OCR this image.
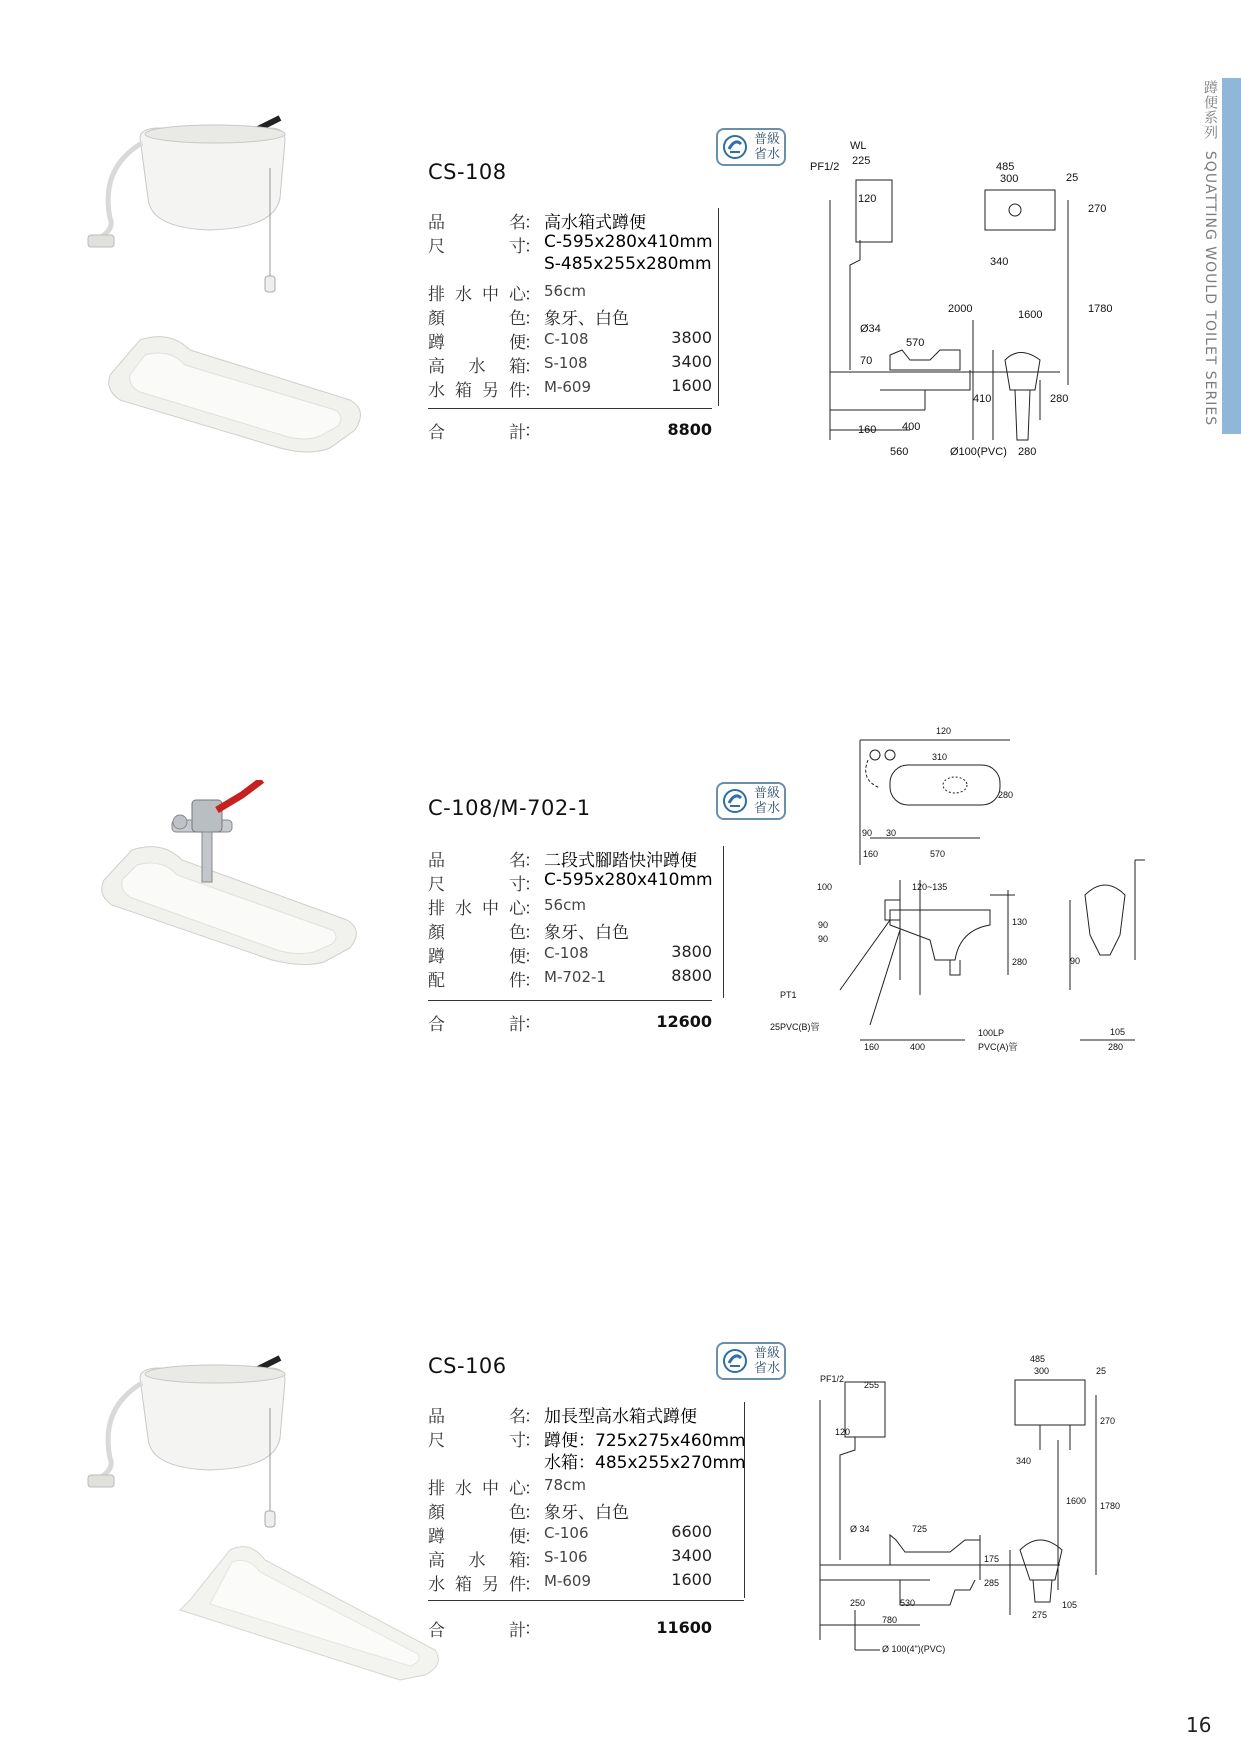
蹲便系列  SQUATTING WOULD TOILET SERIES
16
CS-108
普級
省水
品	名
： 高水箱式蹲便
尺	寸
： C-595x280x410mm
S-485x255x280mm
排 水 中 心
： 56cm
顏	色
： 象牙、白色
蹲	便
： C-108	3800
高 水 箱
： S-108	3400
水 箱 另 件
： M-609	1600
合	計
：	8800
WL
PF1/2 225
120
485
300	25
270
340
2000	1600	1780
Ø34
570
70
410	280
160 400
560	Ø100(PVC) 280
C-108/M-702-1
普級
省水
品	名
： 二段式腳踏快沖蹲便
尺	寸
： C-595x280x410mm
排 水 中 心
： 56cm
顏	色
： 象牙、白色
蹲	便
： C-108	3800
配	件
： M-702-1	8800
合	計
：	12600
120
310
280
90 30
160	570
100	120~135
90
90
130
280
PT1
25PVC(B)管
160	400
100LP
PVC(A)管
90
105
280
CS-106
普級
省水
品	名
： 加長型高水箱式蹲便
尺	寸
： 蹲便：725x275x460mm
水箱：485x255x270mm
排 水 中 心
： 78cm
顏	色
： 象牙、白色
蹲	便
： C-106	6600
高 水 箱
： S-106	3400
水 箱 另 件
： M-609	1600
合	計
：	11600
PF1/2
255
120
485
300	25
270
340
1600 1780
Ø 34	725
175
285
250	530
780
105
275
Ø 100(4")(PVC)
